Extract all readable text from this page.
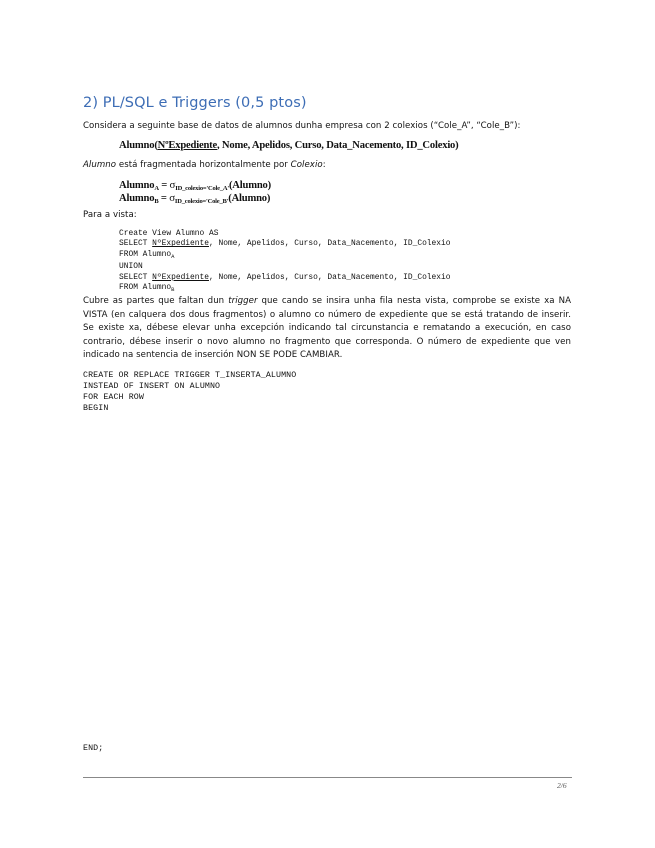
2) PL/SQL e Triggers (0,5 ptos)
Considera a seguinte base de datos de alumnos dunha empresa con 2 colexios (“Cole_A”, “Cole_B”):
Alumno(NºExpediente, Nome, Apelidos, Curso, Data_Nacemento, ID_Colexio)
Alumno está fragmentada horizontalmente por Colexio:
Alumno$_A$ = $\sigma_{ID\_colexio='Cole\_A'}(Alumno)$
Alumno$_B$ = $\sigma_{ID\_colexio='Cole\_B'}(Alumno)$
Para a vista:
Create View Alumno AS
SELECT NºExpediente, Nome, Apelidos, Curso, Data_Nacemento, ID_Colexio
FROM Alumno$_A$
UNION
SELECT NºExpediente, Nome, Apelidos, Curso, Data_Nacemento, ID_Colexio
FROM Alumno$_B$
Cubre as partes que faltan dun trigger que cando se insira unha fila nesta vista, comprobe se existe xa NA VISTA (en calquera dos dous fragmentos) o alumno co número de expediente que se está tratando de inserir. Se existe xa, débese elevar unha excepción indicando tal circunstancia e rematando a execución, en caso contrario, débese inserir o novo alumno no fragmento que corresponda. O número de expediente que ven indicado na sentencia de inserción NON SE PODE CAMBIAR.
CREATE OR REPLACE TRIGGER T_INSERTA_ALUMNO
INSTEAD OF INSERT ON ALUMNO
FOR EACH ROW
BEGIN
END;
2/6
